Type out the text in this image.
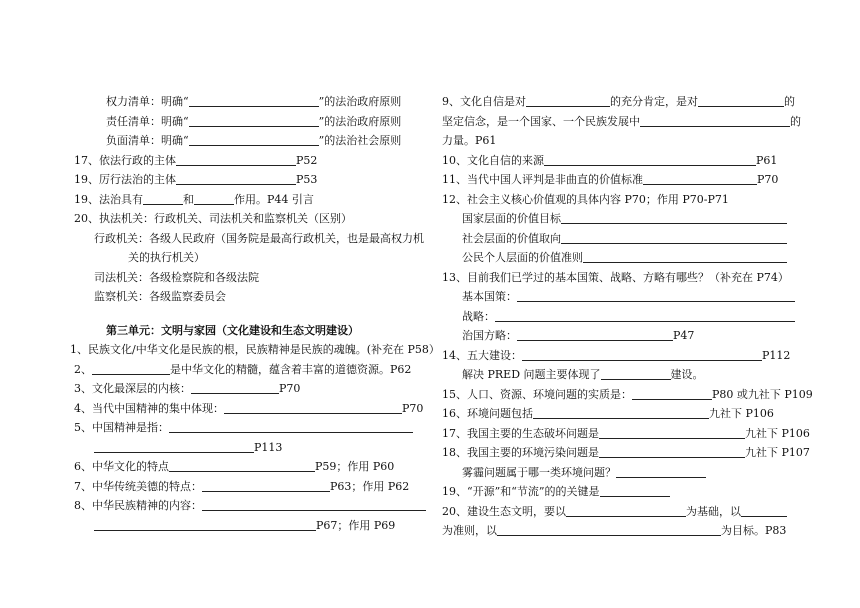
权力清单：明确“	”的法治政府原则
责任清单：明确“	”的法治政府原则
负面清单：明确“	”的法治社会原则
17、依法行政的主体	P52
19、厉行法治的主体	P53
19、法治具有	和	作用。P44 引言
20、执法机关：行政机关、司法机关和监察机关（区别）
行政机关：各级人民政府（国务院是最高行政机关，也是最高权力机
关的执行机关）
司法机关：各级检察院和各级法院
监察机关：各级监察委员会
第三单元：文明与家园（文化建设和生态文明建设）
1、民族文化/中华文化是民族的根，民族精神是民族的魂魄。(补充在 P58）
2、	是中华文化的精髓，蕴含着丰富的道德资源。P62
3、文化最深层的内核：	P70
4、当代中国精神的集中体现：	P70
5、中国精神是指：
P113
6、中华文化的特点	P59；作用 P60
7、中华传统美德的特点：	P63；作用 P62
8、中华民族精神的内容：
P67；作用 P69
9、文化自信是对	的充分肯定，是对	的
坚定信念，是一个国家、一个民族发展中	的
力量。P61
10、文化自信的来源	P61
11、当代中国人评判是非曲直的价值标准	P70
12、社会主义核心价值观的具体内容 P70；作用 P70-P71
国家层面的价值目标
社会层面的价值取向
公民个人层面的价值准则
13、目前我们已学过的基本国策、战略、方略有哪些？（补充在 P74）
基本国策：
战略：
治国方略：	P47
14、五大建设：	P112
解决 PRED 问题主要体现了	建设。
15、人口、资源、环境问题的实质是：	P80 或九社下 P109
16、环境问题包括	九社下 P106
17、我国主要的生态破坏问题是	九社下 P106
18、我国主要的环境污染问题是	九社下 P107
雾霾问题属于哪一类环境问题？
19、“开源”和“节流”的的关键是
20、建设生态文明，要以	为基础，以
为准则，以	为目标。P83
